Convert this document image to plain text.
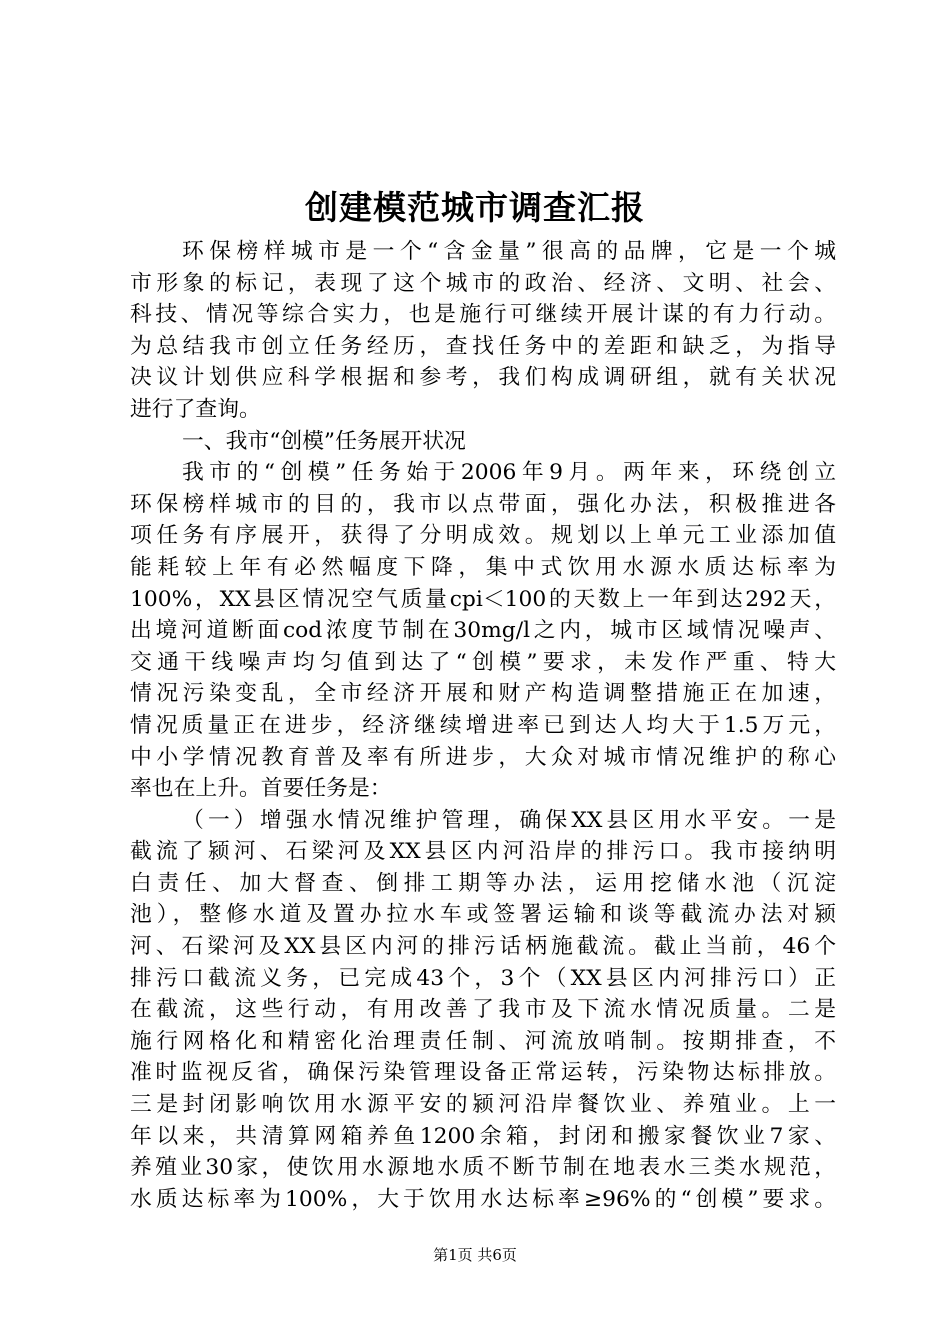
创建模范城市调查汇报
环保榜样城市是一个“含金量”很高的品牌，它是一个城
市形象的标记，表现了这个城市的政治、经济、文明、社会、
科技、情况等综合实力，也是施行可继续开展计谋的有力行动。
为总结我市创立任务经历，查找任务中的差距和缺乏，为指导
决议计划供应科学根据和参考，我们构成调研组，就有关状况
进行了查询。
一、我市“创模”任务展开状况
我市的“创模”任务始于2006年9月。两年来，环绕创立
环保榜样城市的目的，我市以点带面，强化办法，积极推进各
项任务有序展开，获得了分明成效。规划以上单元工业添加值
能耗较上年有必然幅度下降，集中式饮用水源水质达标率为
100%，XX县区情况空气质量cpi＜100的天数上一年到达292天，
出境河道断面cod浓度节制在30mg/l之内，城市区域情况噪声、
交通干线噪声均匀值到达了“创模”要求，未发作严重、特大
情况污染变乱，全市经济开展和财产构造调整措施正在加速，
情况质量正在进步，经济继续增进率已到达人均大于1.5万元，
中小学情况教育普及率有所进步，大众对城市情况维护的称心
率也在上升。首要任务是：
（一）增强水情况维护管理，确保XX县区用水平安。一是
截流了颍河、石梁河及XX县区内河沿岸的排污口。我市接纳明
白责任、加大督查、倒排工期等办法，运用挖储水池（沉淀
池），整修水道及置办拉水车或签署运输和谈等截流办法对颍
河、石梁河及XX县区内河的排污话柄施截流。截止当前，46个
排污口截流义务，已完成43个，3个（XX县区内河排污口）正
在截流，这些行动，有用改善了我市及下流水情况质量。二是
施行网格化和精密化治理责任制、河流放哨制。按期排查，不
准时监视反省，确保污染管理设备正常运转，污染物达标排放。
三是封闭影响饮用水源平安的颍河沿岸餐饮业、养殖业。上一
年以来，共清算网箱养鱼1200余箱，封闭和搬家餐饮业7家、
养殖业30家，使饮用水源地水质不断节制在地表水三类水规范，
水质达标率为100%，大于饮用水达标率≥96%的“创模”要求。
第1页 共6页
